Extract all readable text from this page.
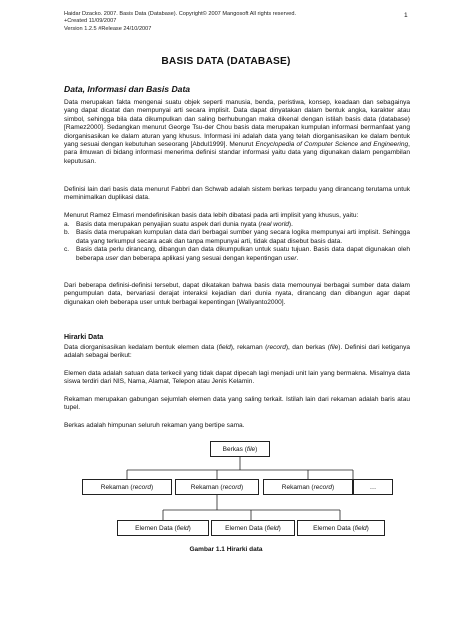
Haidar Dzacko. 2007. Basis Data (Database). Copyright© 2007 Mangosoft All rights reserved.
+Created 11/09/2007
Version 1.2.5 #Release 24/10/2007
1
BASIS DATA (DATABASE)
Data, Informasi dan Basis Data

Data merupakan fakta mengenai suatu objek seperti manusia, benda, peristiwa, konsep, keadaan dan sebagainya yang dapat dicatat dan mempunyai arti secara implisit. Data dapat dinyatakan dalam bentuk angka, karakter atau simbol, sehingga bila data dikumpulkan dan saling berhubungan maka dikenal dengan istilah basis data (database) [Ramez2000]. Sedangkan menurut George Tsu-der Chou basis data merupakan kumpulan informasi bermanfaat yang diorganisasikan ke dalam aturan yang khusus. Informasi ini adalah data yang telah diorganisasikan ke dalam bentuk yang sesuai dengan kebutuhan seseorang [Abdul1999]. Menurut Encyclopedia of Computer Science and Engineering, para ilmuwan di bidang informasi menerima definisi standar informasi yaitu data yang digunakan dalam pengambilan keputusan.

Definisi lain dari basis data menurut Fabbri dan Schwab adalah sistem berkas terpadu yang dirancang terutama untuk meminimalkan duplikasi data.
Menurut Ramez Elmasri mendefinisikan basis data lebih dibatasi pada arti implisit yang khusus, yaitu:
a. Basis data merupakan penyajian suatu aspek dari dunia nyata (real world).
b. Basis data merupakan kumpulan data dari berbagai sumber yang secara logika mempunyai arti implisit. Sehingga data yang terkumpul secara acak dan tanpa mempunyai arti, tidak dapat disebut basis data.
c.	Basis data perlu dirancang, dibangun dan data dikumpulkan untuk suatu tujuan. Basis data dapat digunakan oleh beberapa user dan beberapa aplikasi yang sesuai dengan kepentingan user.
Dari beberapa definisi-definisi tersebut, dapat dikatakan bahwa basis data memounyai berbagai sumber data dalam pengumpulan data, bervariasi derajat interaksi kejadian dari dunia nyata, dirancang dan dibangun agar dapat digunakan oleh beberapa user untuk berbagai kepentingan [Waliyanto2000].
Hirarki Data

Data diorganisasikan kedalam bentuk elemen data (field), rekaman (record), dan berkas (file). Definisi dari ketiganya adalah sebagai berikut:

Elemen data adalah satuan data terkecil yang tidak dapat dipecah lagi menjadi unit lain yang bermakna. Misalnya data siswa terdiri dari NIS, Nama, Alamat, Telepon atau Jenis Kelamin.
Rekaman merupakan gabungan sejumlah elemen data yang saling terkait. Istilah lain dari rekaman adalah baris atau tupel.
Berkas adalah himpunan seluruh rekaman yang bertipe sama.
Berkas (file)
Rekaman (record)	Rekaman (record)	Rekaman (record)	…
Elemen Data (field)	Elemen Data (field)	Elemen Data (field)
Gambar 1.1 Hirarki data
